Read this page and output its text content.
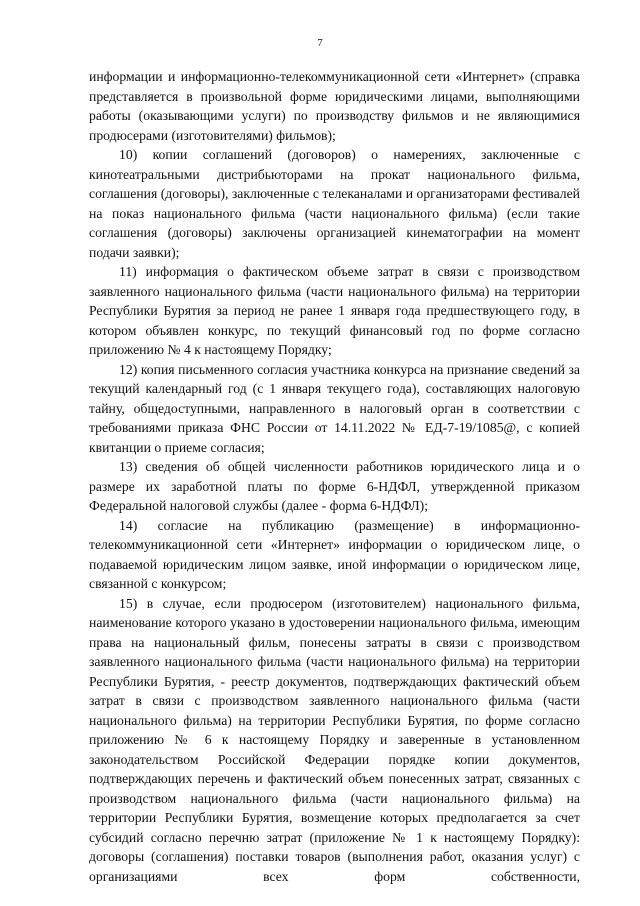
7

информации и информационно-телекоммуникационной сети «Интернет» (справка представляется в произвольной форме юридическими лицами, выполняющими работы (оказывающими услуги) по производству фильмов и не являющимися продюсерами (изготовителями) фильмов);

10) копии соглашений (договоров) о намерениях, заключенные с кинотеатральными дистрибьюторами на прокат национального фильма, соглашения (договоры), заключенные с телеканалами и организаторами фестивалей на показ национального фильма (части национального фильма) (если такие соглашения (договоры) заключены организацией кинематографии на момент подачи заявки);

11) информация о фактическом объеме затрат в связи с производством заявленного национального фильма (части национального фильма) на территории Республики Бурятия за период не ранее 1 января года предшествующего году, в котором объявлен конкурс, по текущий финансовый год по форме согласно приложению № 4 к настоящему Порядку;

12) копия письменного согласия участника конкурса на признание сведений за текущий календарный год (с 1 января текущего года), составляющих налоговую тайну, общедоступными, направленного в налоговый орган в соответствии с требованиями приказа ФНС России от 14.11.2022 № ЕД-7-19/1085@, с копией квитанции о приеме согласия;

13) сведения об общей численности работников юридического лица и о размере их заработной платы по форме 6-НДФЛ, утвержденной приказом Федеральной налоговой службы (далее - форма 6-НДФЛ);

14) согласие на публикацию (размещение) в информационно-телекоммуникационной сети «Интернет» информации о юридическом лице, о подаваемой юридическим лицом заявке, иной информации о юридическом лице, связанной с конкурсом;

15) в случае, если продюсером (изготовителем) национального фильма, наименование которого указано в удостоверении национального фильма, имеющим права на национальный фильм, понесены затраты в связи с производством заявленного национального фильма (части национального фильма) на территории Республики Бурятия, - реестр документов, подтверждающих фактический объем затрат в связи с производством заявленного национального фильма (части национального фильма) на территории Республики Бурятия, по форме согласно приложению № 6 к настоящему Порядку и заверенные в установленном законодательством Российской Федерации порядке копии документов, подтверждающих перечень и фактический объем понесенных затрат, связанных с производством национального фильма (части национального фильма) на территории Республики Бурятия, возмещение которых предполагается за счет субсидий согласно перечню затрат (приложение № 1 к настоящему Порядку): договоры (соглашения) поставки товаров (выполнения работ, оказания услуг) с организациями всех форм собственности,
